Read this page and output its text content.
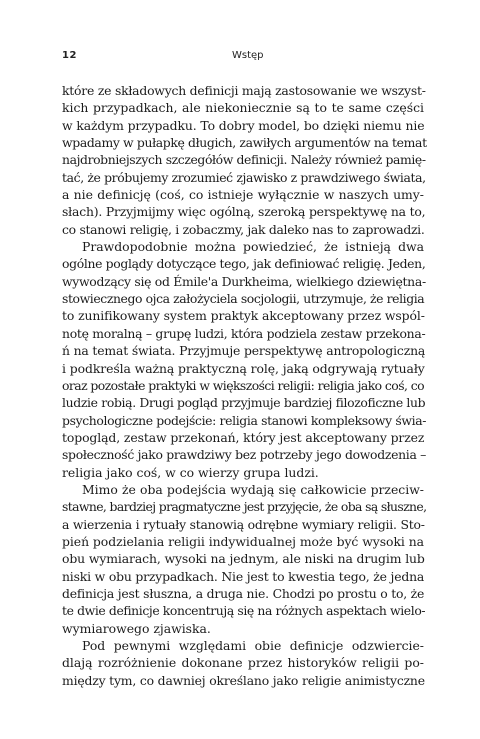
12	Wstęp
które ze składowych definicji mają zastosowanie we wszyst-
kich przypadkach, ale niekoniecznie są to te same części
w każdym przypadku. To dobry model, bo dzięki niemu nie
wpadamy w pułapkę długich, zawiłych argumentów na temat
najdrobniejszych szczegółów definicji. Należy również pamię-
tać, że próbujemy zrozumieć zjawisko z prawdziwego świata,
a nie definicję (coś, co istnieje wyłącznie w naszych umy-
słach). Przyjmijmy więc ogólną, szeroką perspektywę na to,
co stanowi religię, i zobaczmy, jak daleko nas to zaprowadzi.
Prawdopodobnie można powiedzieć, że istnieją dwa
ogólne poglądy dotyczące tego, jak definiować religię. Jeden,
wywodzący się od Émile'a Durkheima, wielkiego dziewiętna-
stowiecznego ojca założyciela socjologii, utrzymuje, że religia
to zunifikowany system praktyk akceptowany przez wspól-
notę moralną – grupę ludzi, która podziela zestaw przekona-
ń na temat świata. Przyjmuje perspektywę antropologiczną
i podkreśla ważną praktyczną rolę, jaką odgrywają rytuały
oraz pozostałe praktyki w większości religii: religia jako coś, co
ludzie robią. Drugi pogląd przyjmuje bardziej filozoficzne lub
psychologiczne podejście: religia stanowi kompleksowy świa-
topogląd, zestaw przekonań, który jest akceptowany przez
społeczność jako prawdziwy bez potrzeby jego dowodzenia –
religia jako coś, w co wierzy grupa ludzi.
Mimo że oba podejścia wydają się całkowicie przeciw-
stawne, bardziej pragmatyczne jest przyjęcie, że oba są słuszne,
a wierzenia i rytuały stanowią odrębne wymiary religii. Sto-
pień podzielania religii indywidualnej może być wysoki na
obu wymiarach, wysoki na jednym, ale niski na drugim lub
niski w obu przypadkach. Nie jest to kwestia tego, że jedna
definicja jest słuszna, a druga nie. Chodzi po prostu o to, że
te dwie definicje koncentrują się na różnych aspektach wielo-
wymiarowego zjawiska.
Pod pewnymi względami obie definicje odzwiercie-
dlają rozróżnienie dokonane przez historyków religii po-
między tym, co dawniej określano jako religie animistyczne
